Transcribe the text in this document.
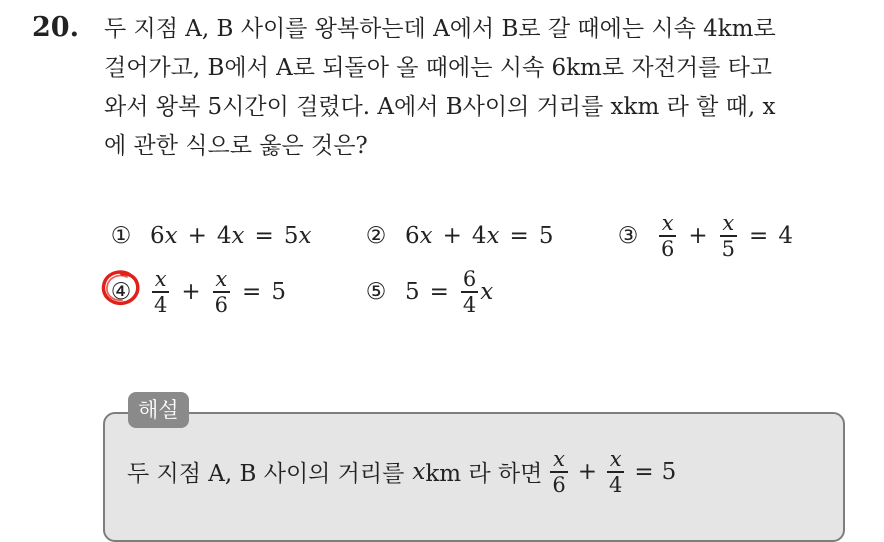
20. 두 지점 A, B 사이를 왕복하는데 A에서 B로 갈 때에는 시속 4km로
걸어가고, B에서 A로 되돌아 올 때에는 시속 6km로 자전거를 타고
와서 왕복 5시간이 걸렸다. A에서 B사이의 거리를 xkm 라 할 때, x
에 관한 식으로 옳은 것은?
① 6 x + 4 x = 5 x ② 6 x + 4 x = 5	③ $\frac{x}{6} + \frac{x}{5} = 4$
④ $\frac{x}{4} + \frac{x}{6} = 5$	⑤ $5 = \frac{6}{4}$ x
해설
두 지점 A, B 사이의 거리를 x km 라 하면 $\frac{x}{6} + \frac{x}{4} = 5$
